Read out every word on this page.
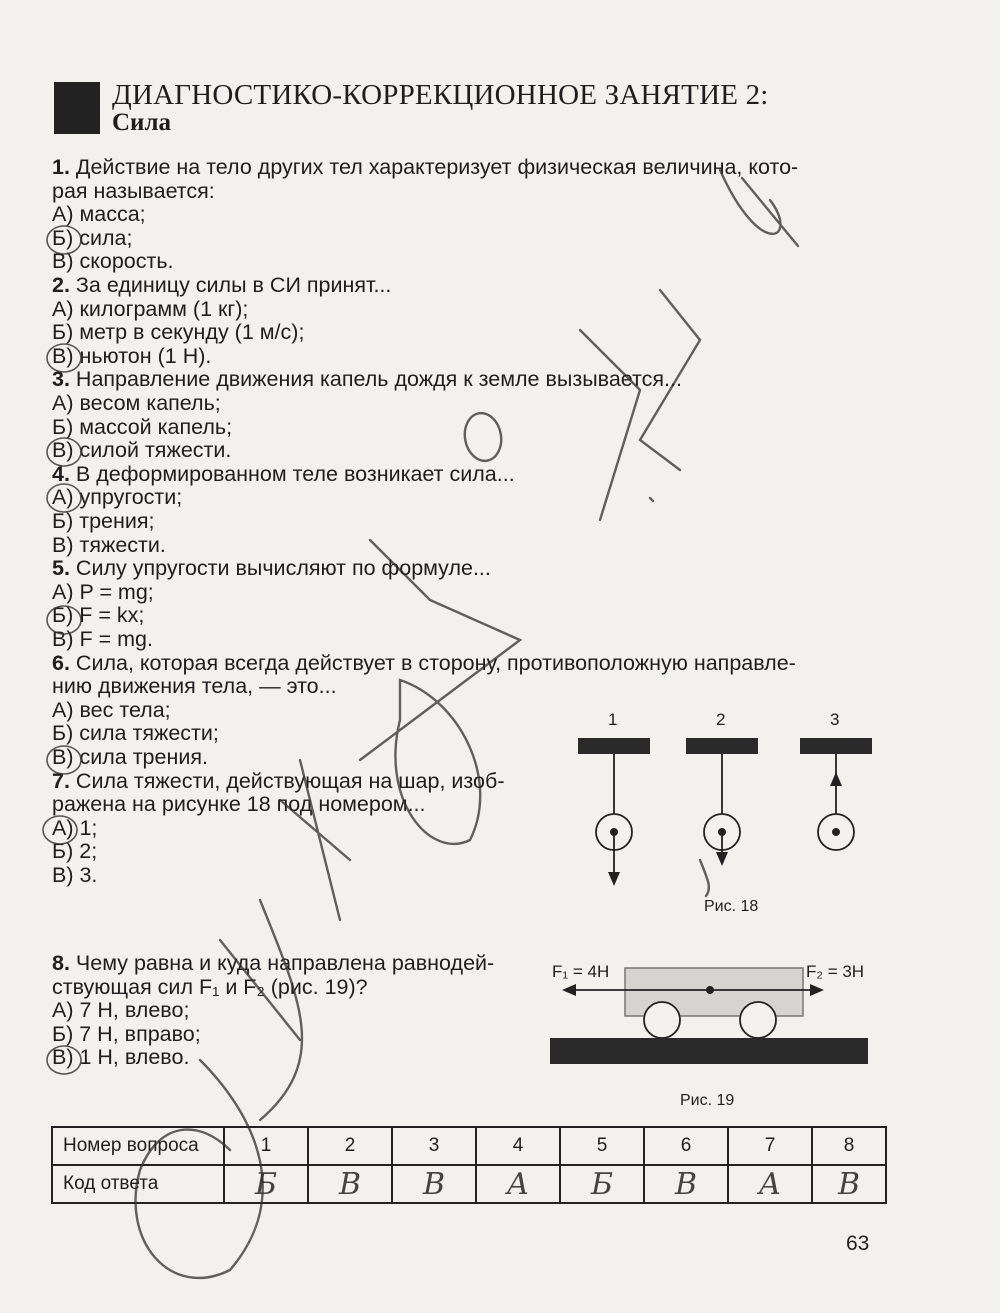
ДИАГНОСТИКО-КОРРЕКЦИОННОЕ ЗАНЯТИЕ 2:
Сила
1. Действие на тело других тел характеризует физическая величина, кото-
рая называется:
А) масса;
Б) сила;
В) скорость.
2. За единицу силы в СИ принят...
А) килограмм (1 кг);
Б) метр в секунду (1 м/с);
В) ньютон (1 Н).
3. Направление движения капель дождя к земле вызывается...
А) весом капель;
Б) массой капель;
В) силой тяжести.
4. В деформированном теле возникает сила...
А) упругости;
Б) трения;
В) тяжести.
5. Силу упругости вычисляют по формуле...
А) P = mg;
Б) F = kx;
В) F = mg.
6. Сила, которая всегда действует в сторону, противоположную направле-
нию движения тела, — это...
А) вес тела;
Б) сила тяжести;
В) сила трения.
7. Сила тяжести, действующая на шар, изоб-
ражена на рисунке 18 под номером...
А) 1;
Б) 2;
В) 3.
8. Чему равна и куда направлена равнодей-
ствующая сил F₁ и F₂ (рис. 19)?
А) 7 Н, влево;
Б) 7 Н, вправо;
В) 1 Н, влево.
1	2	3
Рис. 18
F₁ = 4H	F₂ = 3H
Рис. 19
Номер вопроса	1	2	3	4	5	6	7	8
Код ответа	Б	В	В	А	Б	В	А	В
63
